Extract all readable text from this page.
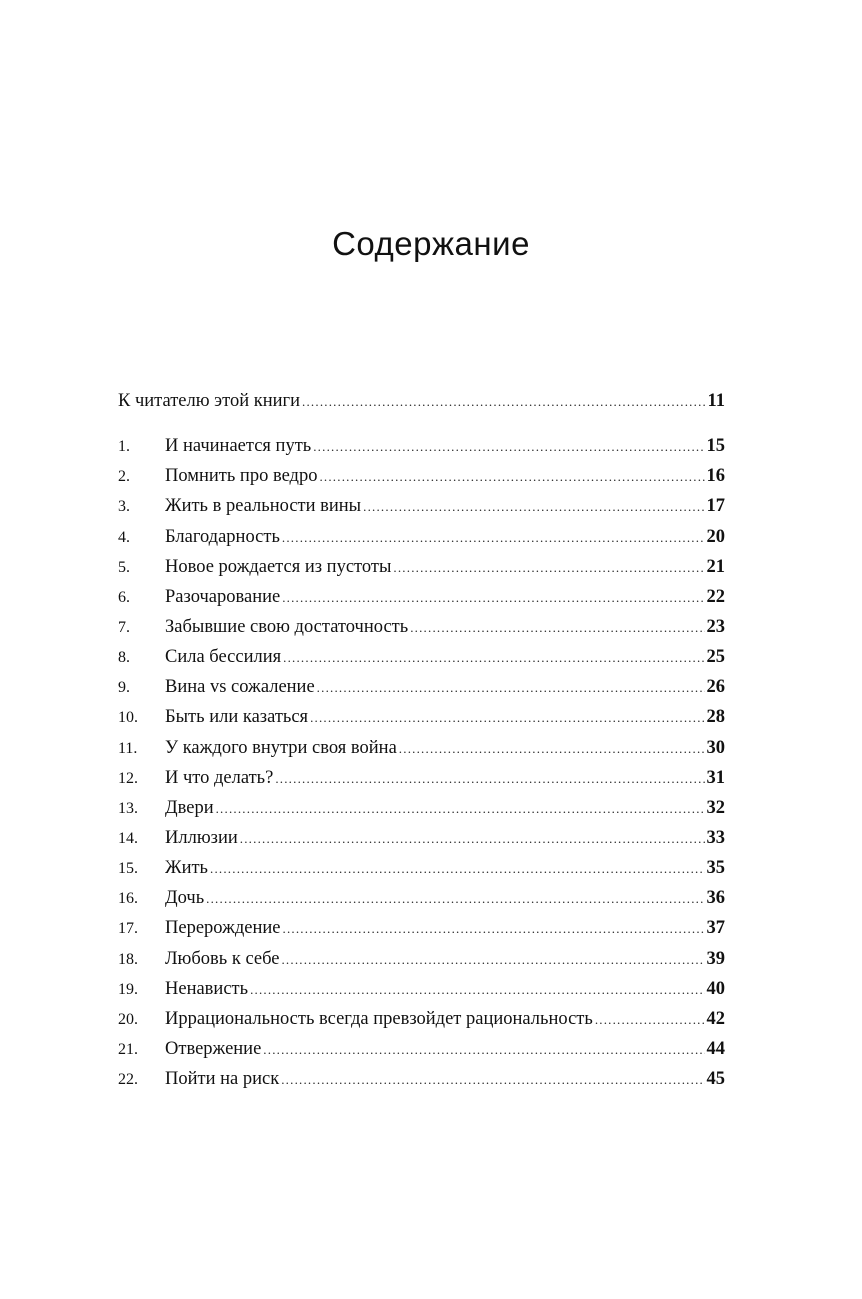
Содержание
К читателю этой книги .....	11
1.	И начинается путь .....	15
2.	Помнить про ведро .....	16
3.	Жить в реальности вины .....	17
4.	Благодарность .....	20
5.	Новое рождается из пустоты .....	21
6.	Разочарование .....	22
7.	Забывшие свою достаточность .....	23
8.	Сила бессилия .....	25
9.	Вина vs сожаление .....	26
10.	Быть или казаться .....	28
11.	У каждого внутри своя война .....	30
12.	И что делать? .....	31
13.	Двери .....	32
14.	Иллюзии .....	33
15.	Жить .....	35
16.	Дочь .....	36
17.	Перерождение .....	37
18.	Любовь к себе .....	39
19.	Ненависть .....	40
20.	Иррациональность всегда превзойдет рациональность .....	42
21.	Отвержение .....	44
22.	Пойти на риск .....	45
